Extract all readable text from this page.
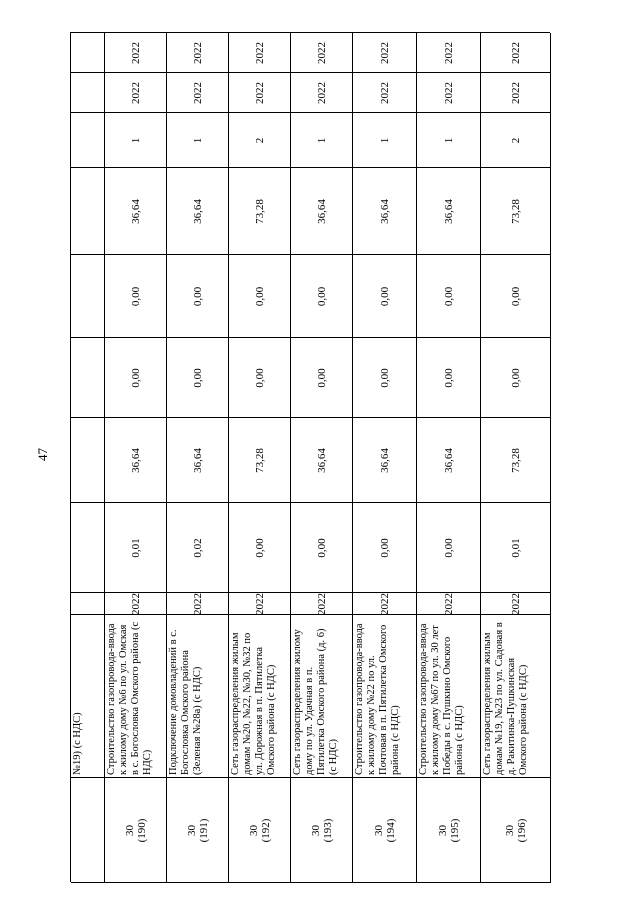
47
№19) (с НДС)
30 (190)
Строительство газопровода-ввода к жилому дому №6 по ул. Омская в с. Богословка Омского района (с НДС)
2022
0,01
36,64
0,00
0,00
36,64
1
2022
2022
30 (191)
Подключение домовладений в с. Богословка Омского района (Зеленая №28а) (с НДС)
2022
0,02
36,64
0,00
0,00
36,64
1
2022
2022
30 (192)
Сеть газораспределения жилым домам №20, №22, №30, №32 по ул. Дорожная в п. Пятилетка Омского района (с НДС)
2022
0,00
73,28
0,00
0,00
73,28
2
2022
2022
30 (193)
Сеть газораспределения жилому дому по ул. Удачная в п. Пятилетка Омского района (д. 6) (с НДС)
2022
0,00
36,64
0,00
0,00
36,64
1
2022
2022
30 (194)
Строительство газопровода-ввода к жилому дому №22 по ул. Почтовая в п. Пятилетка Омского района (с НДС)
2022
0,00
36,64
0,00
0,00
36,64
1
2022
2022
30 (195)
Строительство газопровода-ввода к жилому дому №67 по ул. 30 лет Победы в с. Пушкино Омского района (с НДС)
2022
0,00
36,64
0,00
0,00
36,64
1
2022
2022
30 (196)
Сеть газораспределения жилым домам №19, №23 по ул. Садовая в д. Ракитинка-Пушкинская Омского района (с НДС)
2022
0,01
73,28
0,00
0,00
73,28
2
2022
2022
